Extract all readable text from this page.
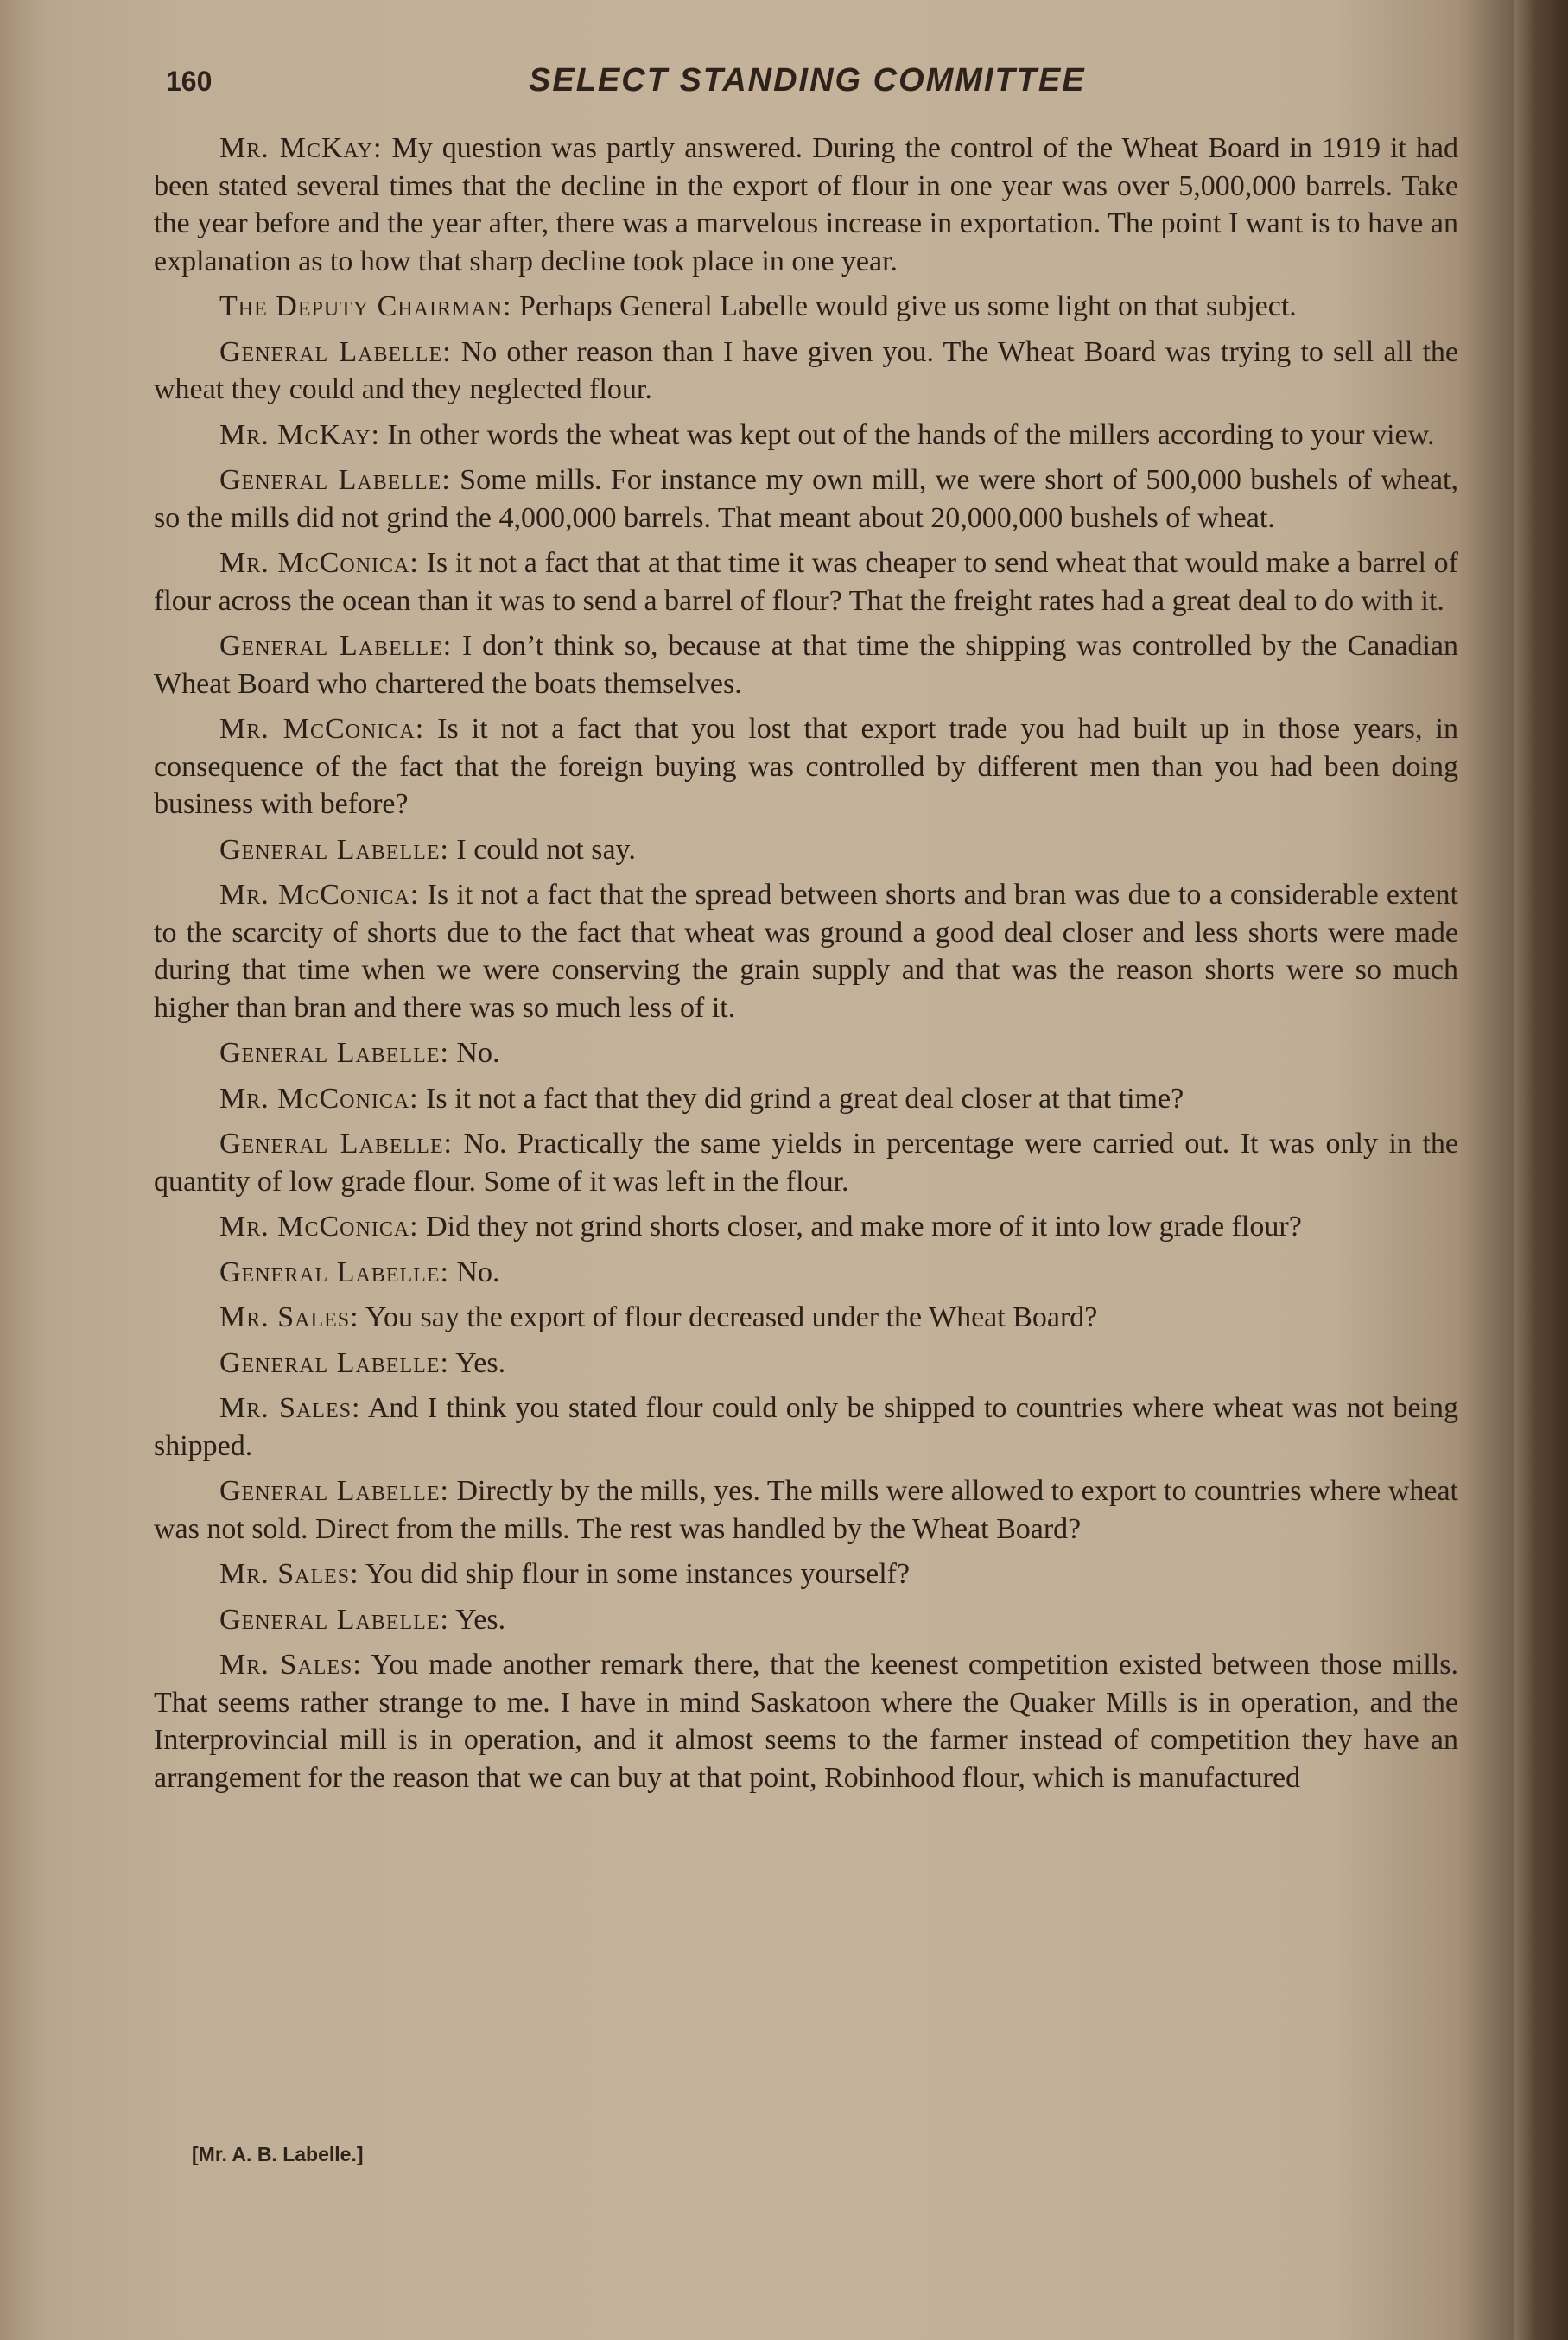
160	SELECT STANDING COMMITTEE

Mr. McKay: My question was partly answered. During the control of the Wheat Board in 1919 it had been stated several times that the decline in the export of flour in one year was over 5,000,000 barrels. Take the year before and the year after, there was a marvelous increase in exportation. The point I want is to have an explanation as to how that sharp decline took place in one year.

The Deputy Chairman: Perhaps General Labelle would give us some light on that subject.

General Labelle: No other reason than I have given you. The Wheat Board was trying to sell all the wheat they could and they neglected flour.

Mr. McKay: In other words the wheat was kept out of the hands of the millers according to your view.

General Labelle: Some mills. For instance my own mill, we were short of 500,000 bushels of wheat, so the mills did not grind the 4,000,000 barrels. That meant about 20,000,000 bushels of wheat.

Mr. McConica: Is it not a fact that at that time it was cheaper to send wheat that would make a barrel of flour across the ocean than it was to send a barrel of flour? That the freight rates had a great deal to do with it.

General Labelle: I don’t think so, because at that time the shipping was controlled by the Canadian Wheat Board who chartered the boats themselves.

Mr. McConica: Is it not a fact that you lost that export trade you had built up in those years, in consequence of the fact that the foreign buying was controlled by different men than you had been doing business with before?

General Labelle: I could not say.

Mr. McConica: Is it not a fact that the spread between shorts and bran was due to a considerable extent to the scarcity of shorts due to the fact that wheat was ground a good deal closer and less shorts were made during that time when we were conserving the grain supply and that was the reason shorts were so much higher than bran and there was so much less of it.

General Labelle: No.

Mr. McConica: Is it not a fact that they did grind a great deal closer at that time?

General Labelle: No. Practically the same yields in percentage were carried out. It was only in the quantity of low grade flour. Some of it was left in the flour.

Mr. McConica: Did they not grind shorts closer, and make more of it into low grade flour?

General Labelle: No.

Mr. Sales: You say the export of flour decreased under the Wheat Board?

General Labelle: Yes.

Mr. Sales: And I think you stated flour could only be shipped to countries where wheat was not being shipped.

General Labelle: Directly by the mills, yes. The mills were allowed to export to countries where wheat was not sold. Direct from the mills. The rest was handled by the Wheat Board?

Mr. Sales: You did ship flour in some instances yourself?

General Labelle: Yes.

Mr. Sales: You made another remark there, that the keenest competition existed between those mills. That seems rather strange to me. I have in mind Saskatoon where the Quaker Mills is in operation, and the Interprovincial mill is in operation, and it almost seems to the farmer instead of competition they have an arrangement for the reason that we can buy at that point, Robinhood flour, which is manufactured

[Mr. A. B. Labelle.]
